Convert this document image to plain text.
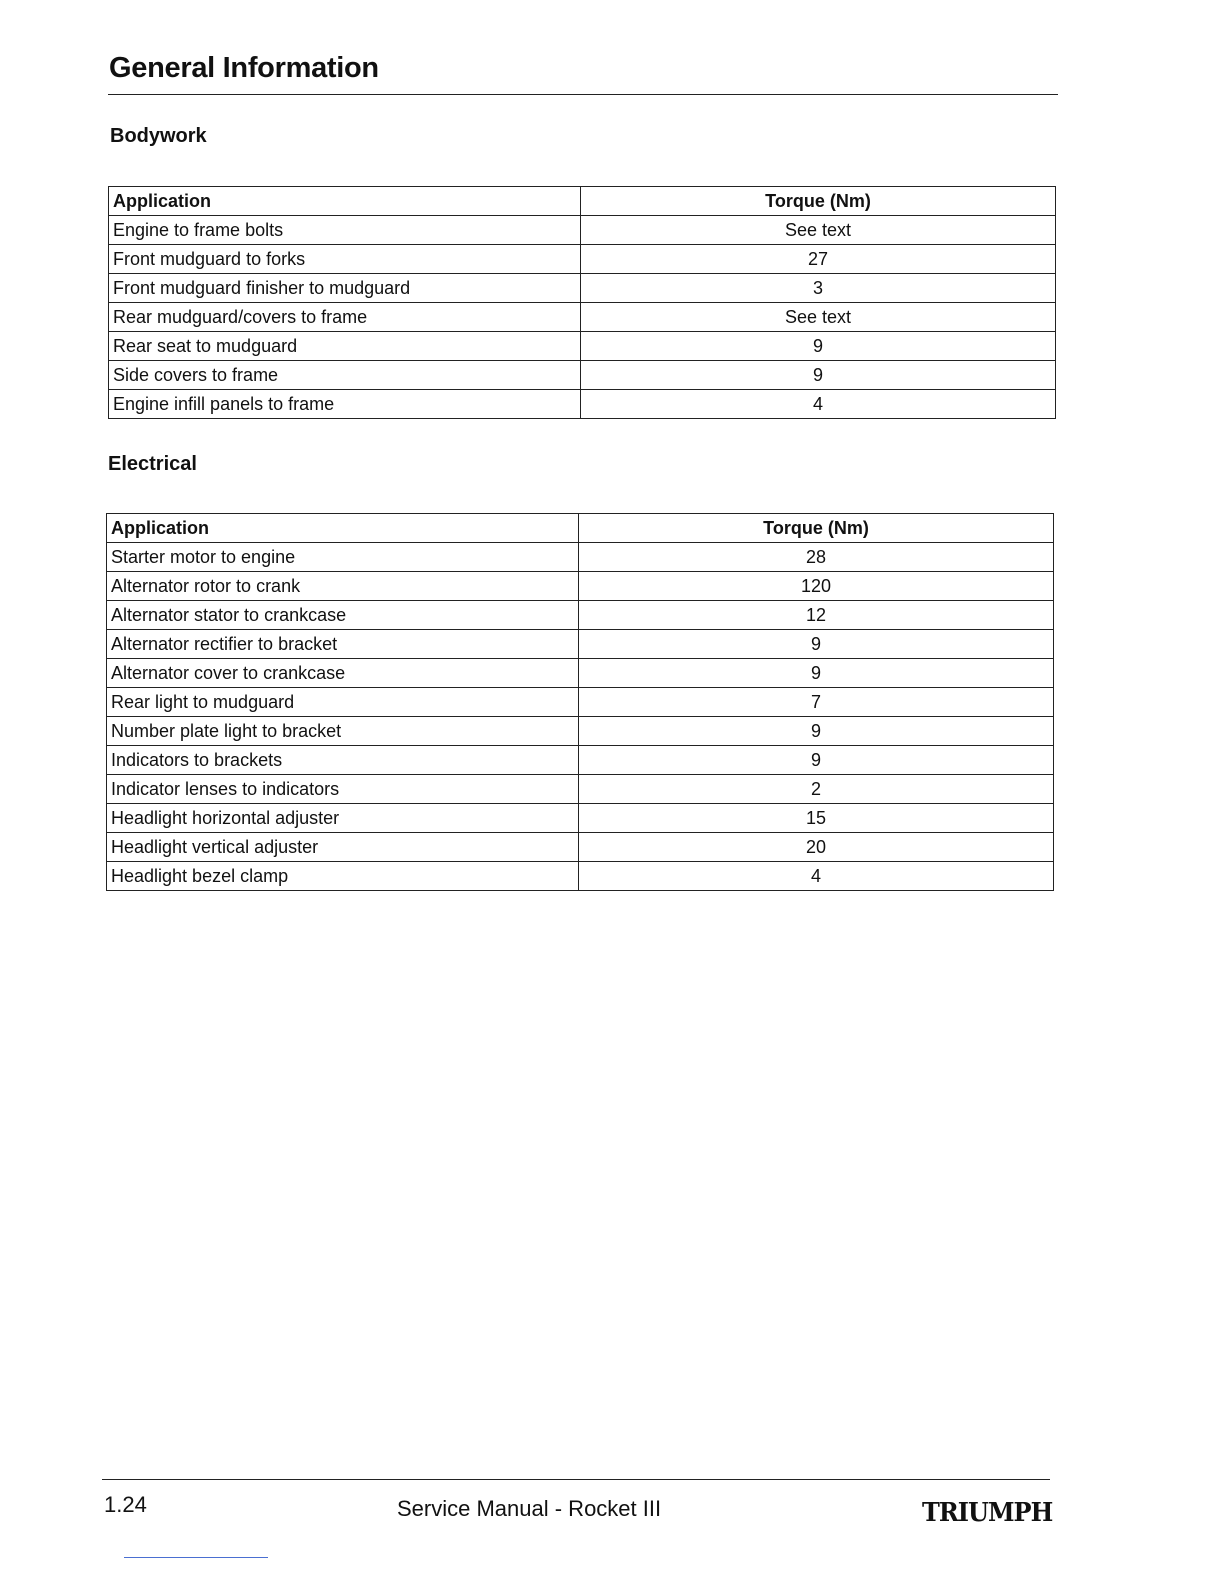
General Information
Bodywork
Application	Torque (Nm)
Engine to frame bolts	See text
Front mudguard to forks	27
Front mudguard finisher to mudguard	3
Rear mudguard/covers to frame	See text
Rear seat to mudguard	9
Side covers to frame	9
Engine infill panels to frame	4
Electrical
Application	Torque (Nm)
Starter motor to engine	28
Alternator rotor to crank	120
Alternator stator to crankcase	12
Alternator rectifier to bracket	9
Alternator cover to crankcase	9
Rear light to mudguard	7
Number plate light to bracket	9
Indicators to brackets	9
Indicator lenses to indicators	2
Headlight horizontal adjuster	15
Headlight vertical adjuster	20
Headlight bezel clamp	4
1.24	Service Manual - Rocket III	TRIUMPH
